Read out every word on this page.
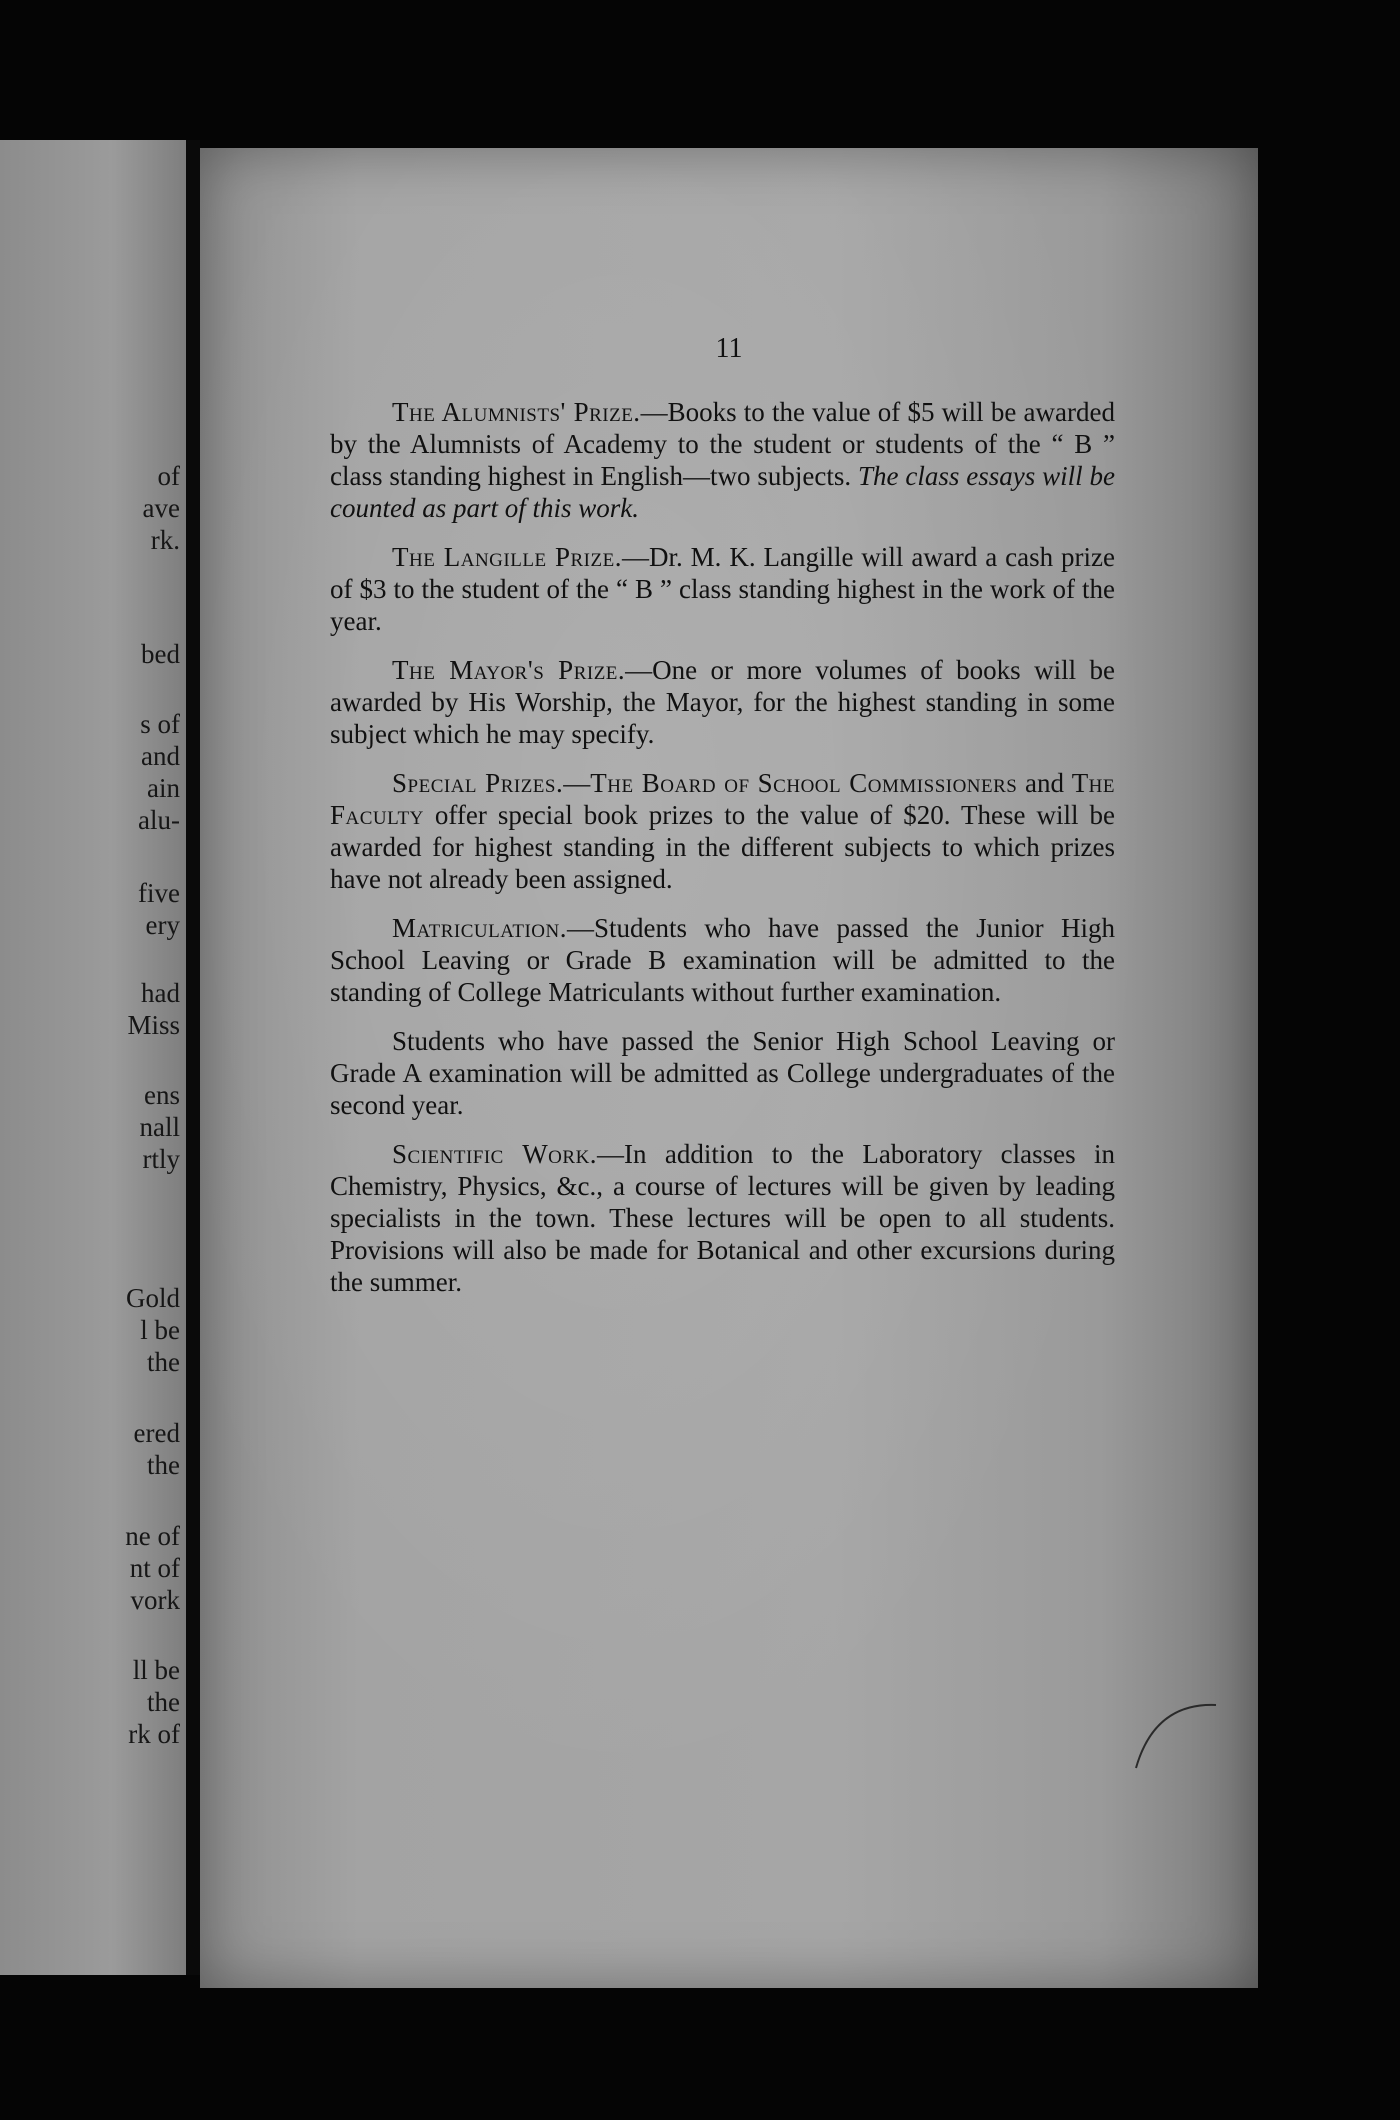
of
ave
rk.
bed
s of
and
ain
alu-
five
ery
had
Miss
ens
nall
rtly
Gold
l be
the
ered
the
ne of
nt of
vork
ll be
the
rk of
11

The Alumnists' Prize.—Books to the value of $5 will be awarded by the Alumnists of Academy to the student or students of the “ B ” class standing highest in English—two subjects. The class essays will be counted as part of this work.

The Langille Prize.—Dr. M. K. Langille will award a cash prize of $3 to the student of the “ B ” class standing highest in the work of the year.

The Mayor's Prize.—One or more volumes of books will be awarded by His Worship, the Mayor, for the highest standing in some subject which he may specify.

Special Prizes.—The Board of School Commissioners and The Faculty offer special book prizes to the value of $20. These will be awarded for highest standing in the different subjects to which prizes have not already been assigned.

Matriculation.—Students who have passed the Junior High School Leaving or Grade B examination will be admitted to the standing of College Matriculants without further examination.

Students who have passed the Senior High School Leaving or Grade A examination will be admitted as College undergraduates of the second year.

Scientific Work.—In addition to the Laboratory classes in Chemistry, Physics, &c., a course of lectures will be given by leading specialists in the town. These lectures will be open to all students. Provisions will also be made for Botanical and other excursions during the summer.
